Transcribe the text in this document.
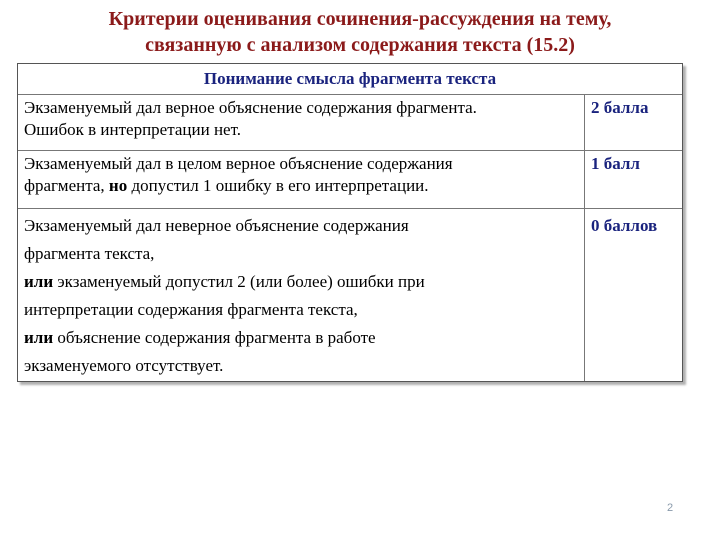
Критерии оценивания сочинения-рассуждения на тему,
связанную с анализом содержания текста (15.2)
Понимание смысла фрагмента текста
Экзаменуемый дал верное объяснение содержания фрагмента.
Ошибок в интерпретации нет.
2 балла
Экзаменуемый дал в целом верное объяснение содержания
фрагмента, но допустил 1 ошибку в его интерпретации.
1 балл
Экзаменуемый дал неверное объяснение содержания
фрагмента текста,
или экзаменуемый допустил 2 (или более) ошибки при
интерпретации содержания фрагмента текста,
или объяснение содержания фрагмента в работе
экзаменуемого отсутствует.
0 баллов
2
